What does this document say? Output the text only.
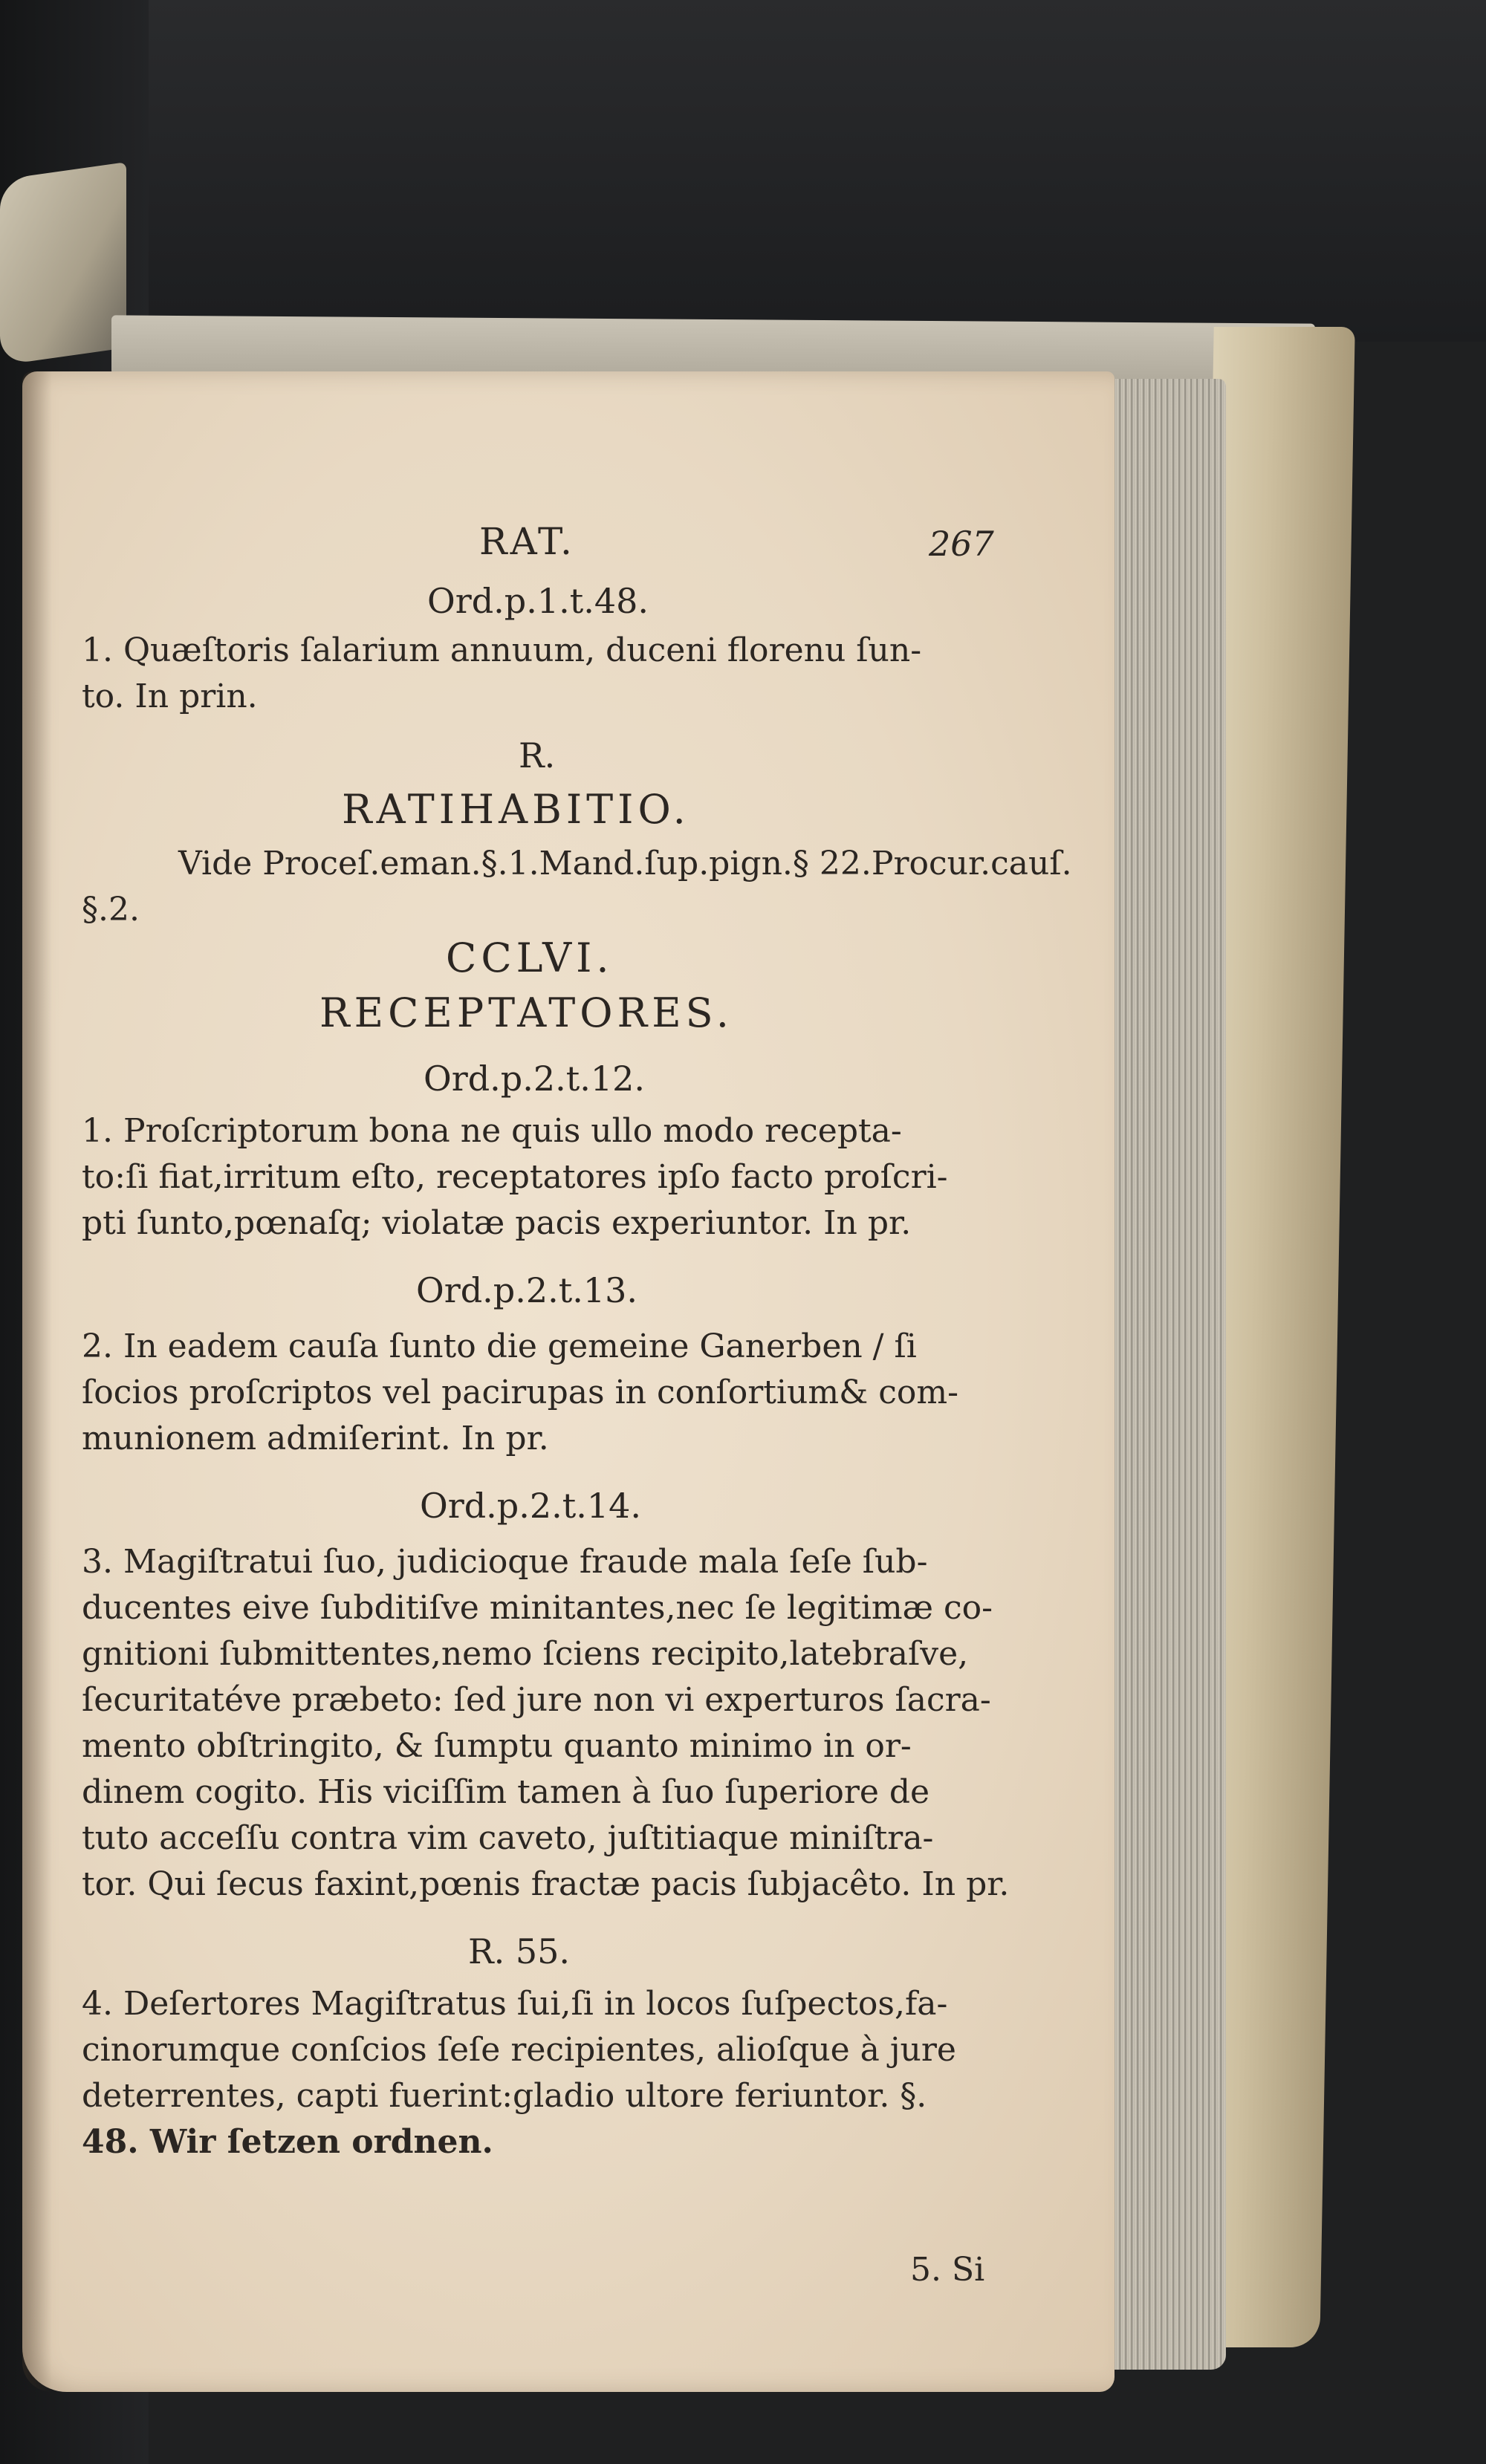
RAT.	267
Ord.p.1.t.48.
1. Quæſtoris ſalarium annuum, duceni florenu ſun-
to. In prin.
R.
RATIHABITIO.
Vide Proceſ.eman.§.1.Mand.ſup.pign.§ 22.Procur.cauſ.
§.2.
CCLVI.
RECEPTATORES.
Ord.p.2.t.12.
1. Proſcriptorum bona ne quis ullo modo recepta-
to:ſi fiat,irritum eſto, receptatores ipſo facto proſcri-
pti ſunto,pœnaſq; violatæ pacis experiuntor. In pr.
Ord.p.2.t.13.
2. In eadem cauſa ſunto die gemeine Ganerben / ſi
ſocios proſcriptos vel pacirupas in conſortium& com-
munionem admiſerint. In pr.
Ord.p.2.t.14.
3. Magiſtratui ſuo, judicioque fraude mala ſeſe ſub-
ducentes eive ſubditiſve minitantes,nec ſe legitimæ co-
gnitioni ſubmittentes,nemo ſciens recipito,latebraſve,
ſecuritatéve præbeto: ſed jure non vi experturos ſacra-
mento obſtringito, & ſumptu quanto minimo in or-
dinem cogito. His viciſſim tamen à ſuo ſuperiore de
tuto acceſſu contra vim caveto, juſtitiaque miniſtra-
tor. Qui ſecus faxint,pœnis fractæ pacis ſubjacêto. In pr.
R. 55.
4. Deſertores Magiſtratus ſui,ſi in locos ſuſpectos,fa-
cinorumque conſcios ſeſe recipientes, alioſque à jure
deterrentes, capti fuerint:gladio ultore feriuntor. §.
48. Wir ſetzen ordnen.
5. Si
